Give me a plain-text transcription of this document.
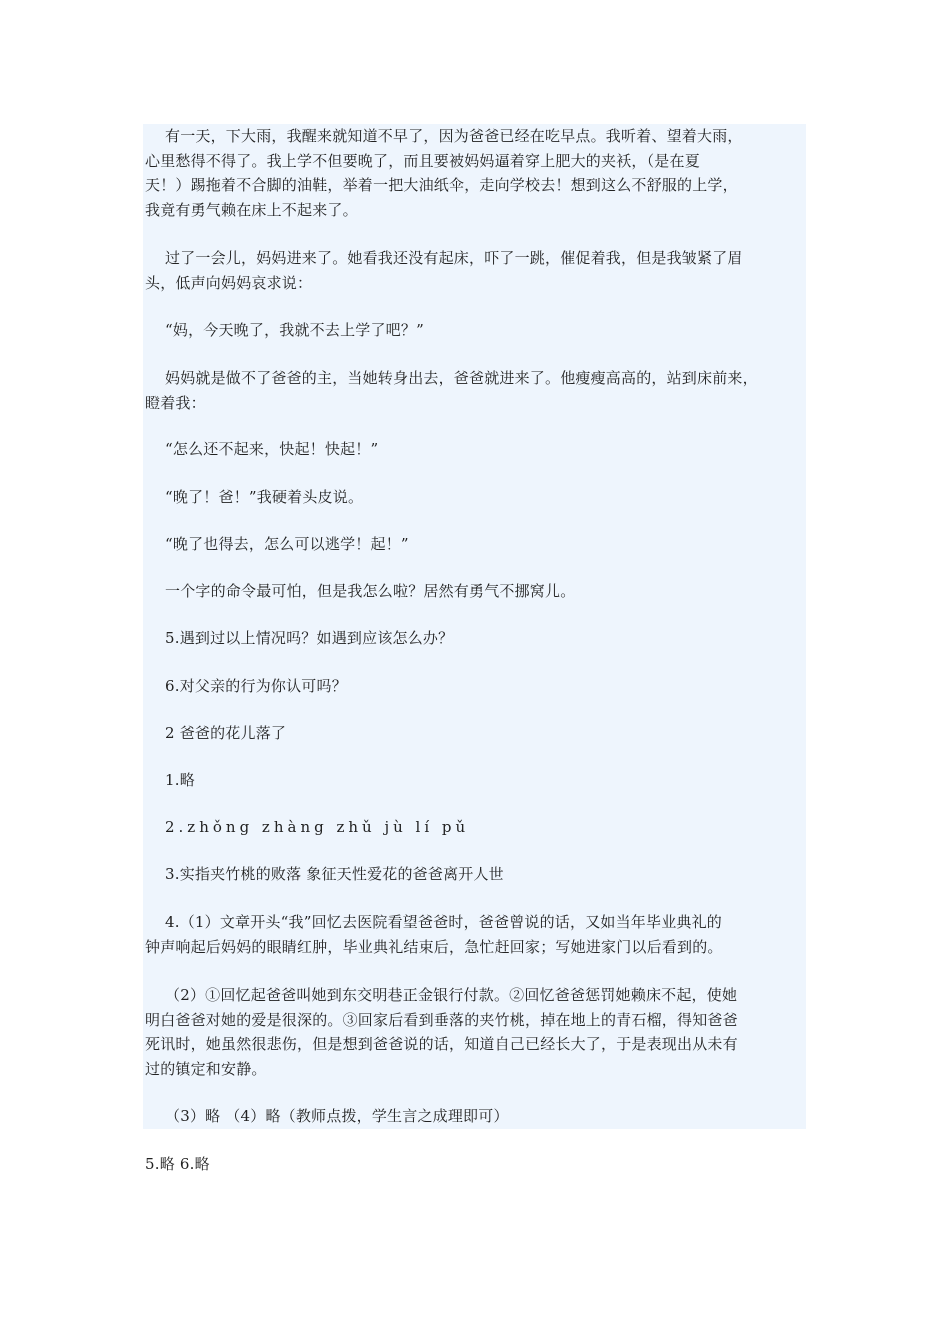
有一天，下大雨，我醒来就知道不早了，因为爸爸已经在吃早点。我听着、望着大雨，
心里愁得不得了。我上学不但要晚了，而且要被妈妈逼着穿上肥大的夹袄，（是在夏
天！）踢拖着不合脚的油鞋，举着一把大油纸伞，走向学校去！想到这么不舒服的上学，
我竟有勇气赖在床上不起来了。

过了一会儿，妈妈进来了。她看我还没有起床，吓了一跳，催促着我，但是我皱紧了眉
头，低声向妈妈哀求说：

“妈，今天晚了，我就不去上学了吧？”

妈妈就是做不了爸爸的主，当她转身出去，爸爸就进来了。他瘦瘦高高的，站到床前来，
瞪着我：

“怎么还不起来，快起！快起！”

“晚了！爸！”我硬着头皮说。

“晚了也得去，怎么可以逃学！起！”

一个字的命令最可怕，但是我怎么啦？居然有勇气不挪窝儿。

5.遇到过以上情况吗？如遇到应该怎么办？

6.对父亲的行为你认可吗？

2 爸爸的花儿落了

1.略

2.zhǒng zhàng zhǔ jù lí pǔ

3.实指夹竹桃的败落 象征天性爱花的爸爸离开人世

4.（1）文章开头“我”回忆去医院看望爸爸时，爸爸曾说的话，又如当年毕业典礼的
钟声响起后妈妈的眼睛红肿，毕业典礼结束后，急忙赶回家；写她进家门以后看到的。

（2）①回忆起爸爸叫她到东交明巷正金银行付款。②回忆爸爸惩罚她赖床不起，使她
明白爸爸对她的爱是很深的。③回家后看到垂落的夹竹桃，掉在地上的青石榴，得知爸爸
死讯时，她虽然很悲伤，但是想到爸爸说的话，知道自己已经长大了，于是表现出从未有
过的镇定和安静。

（3）略 （4）略（教师点拨，学生言之成理即可）

5.略 6.略
